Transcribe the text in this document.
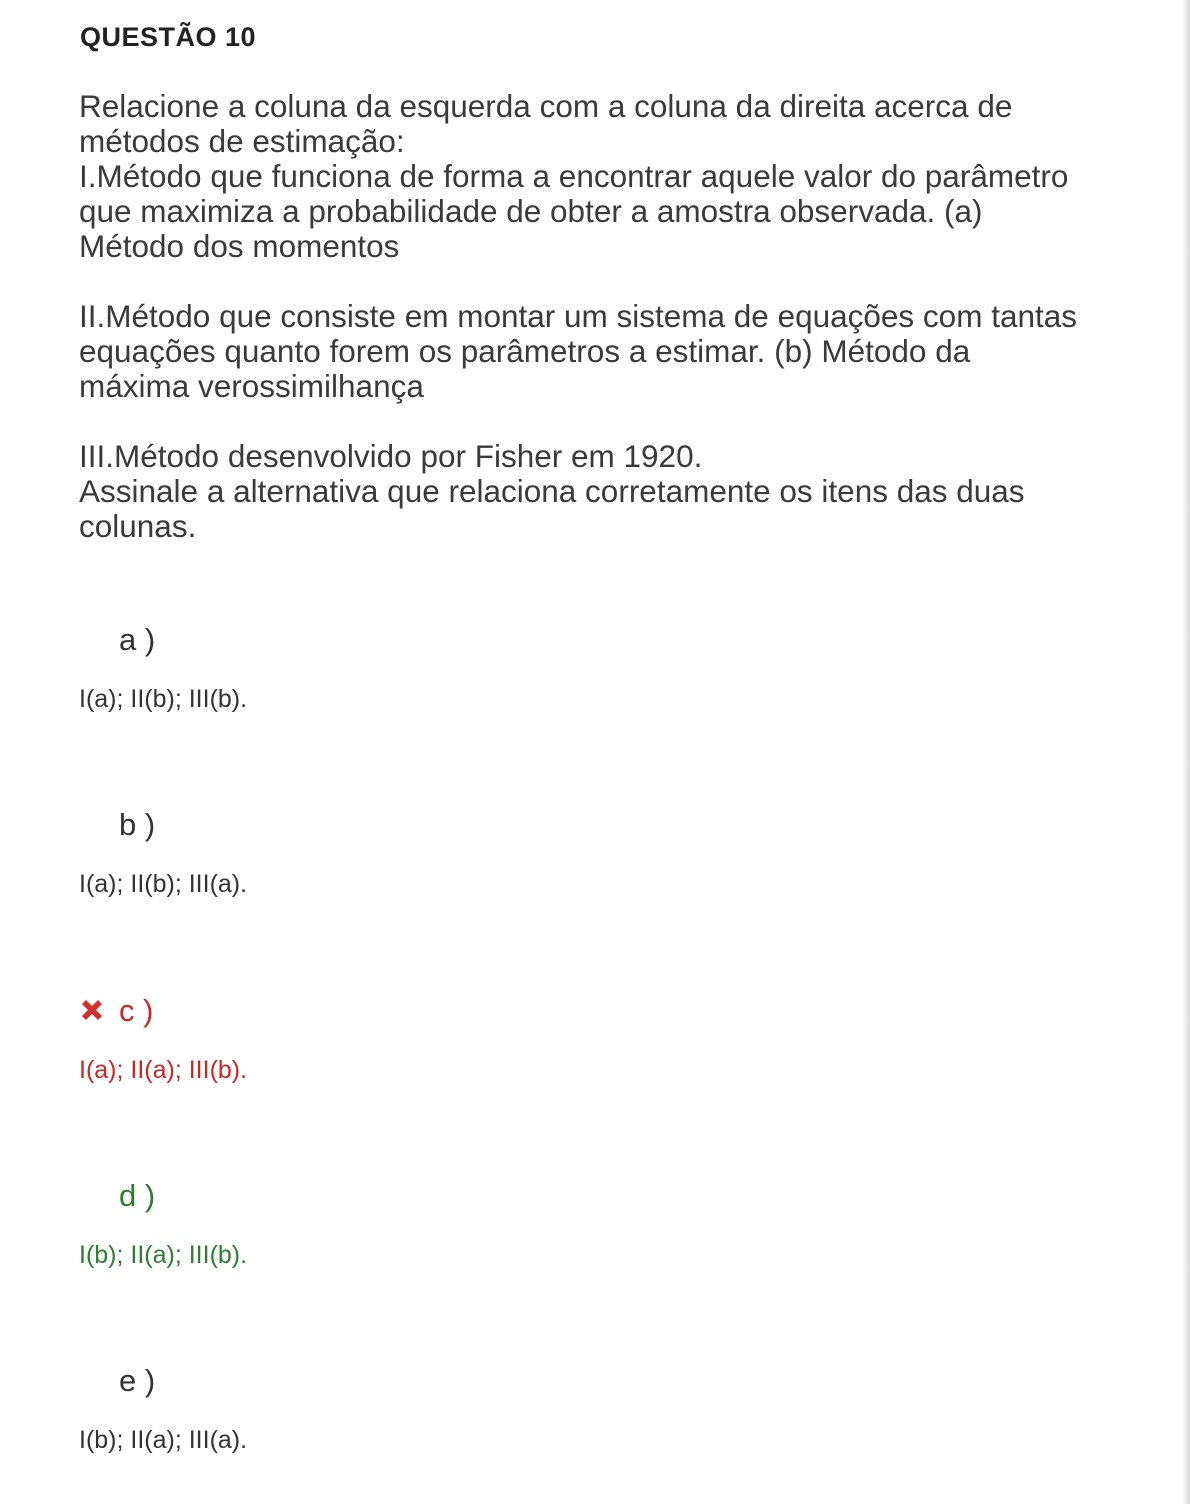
QUESTÃO 10

Relacione a coluna da esquerda com a coluna da direita acerca de métodos de estimação:

I.Método que funciona de forma a encontrar aquele valor do parâmetro que maximiza a probabilidade de obter a amostra observada. (a) Método dos momentos

II.Método que consiste em montar um sistema de equações com tantas equações quanto forem os parâmetros a estimar. (b) Método da máxima verossimilhança

III.Método desenvolvido por Fisher em 1920.

Assinale a alternativa que relaciona corretamente os itens das duas colunas.

a )
I(a); II(b); III(b).
b )
I(a); II(b); III(a).
c )
I(a); II(a); III(b).
d )
I(b); II(a); III(b).
e )
I(b); II(a); III(a).
